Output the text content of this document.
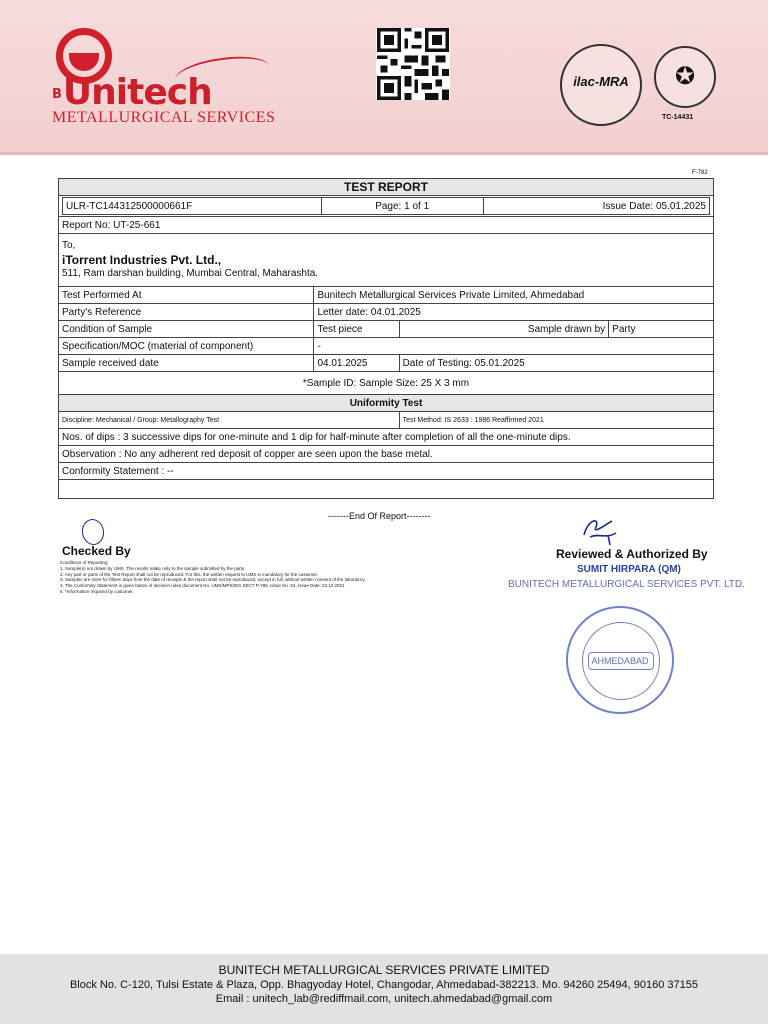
BUnitech
METALLURGICAL SERVICES
ilac-MRA	✪
TC-14431
F-782
TEST REPORT

ULR-TC144312500000661F	Page: 1 of 1	Issue Date: 05.01.2025

Report No: UT-25-661

To,
iTorrent Industries Pvt. Ltd.,
511, Ram darshan building, Mumbai Central, Maharashta.

Test Performed At	Bunitech Metallurgical Services Private Limited, Ahmedabad
Party's Reference	Letter date: 04.01.2025
Condition of Sample	Test piece	Sample drawn by	Party
Specification/MOC (material of component)	-
Sample received date	04.01.2025	Date of Testing: 05.01.2025
*Sample ID: Sample Size: 25 X 3 mm
Uniformity Test
Discipline: Mechanical / Group: Metallography Test	Test Method: IS 2633 : 1986 Reaffirmed 2021
Nos. of dips : 3 successive dips for one-minute and 1 dip for half-minute after completion of all the one-minute dips.
Observation : No any adherent red deposit of copper are seen upon the base metal.
Conformity Statement : --

-------End Of Report--------
Checked By
Conditions of Reporting:
1. Sample(s) not drawn by UMS. The results relate only to the sample submitted by the party.
2. Any part or parts of the Test Report shall not be reproduced. For this, the written request to UMS is mandatory for the customer.
3. Samples are store for fifteen days from the date of receipts & the report shall not be reproduced, except in full, without written consent of the laboratory.
4. The Conformity Statement is given bases of decision rules document No. UMS/MPS/001 SECT P-786, Issue No :04, Issue Date: 23.12.2021
5. *Information required by customer.
Reviewed & Authorized By
SUMIT HIRPARA (QM)
BUNITECH METALLURGICAL SERVICES PVT. LTD.
AHMEDABAD
BUNITECH METALLURGICAL SERVICES PRIVATE LIMITED
Block No. C-120, Tulsi Estate & Plaza, Opp. Bhagyoday Hotel, Changodar, Ahmedabad-382213. Mo. 94260 25494, 90160 37155
Email : unitech_lab@rediffmail.com, unitech.ahmedabad@gmail.com
